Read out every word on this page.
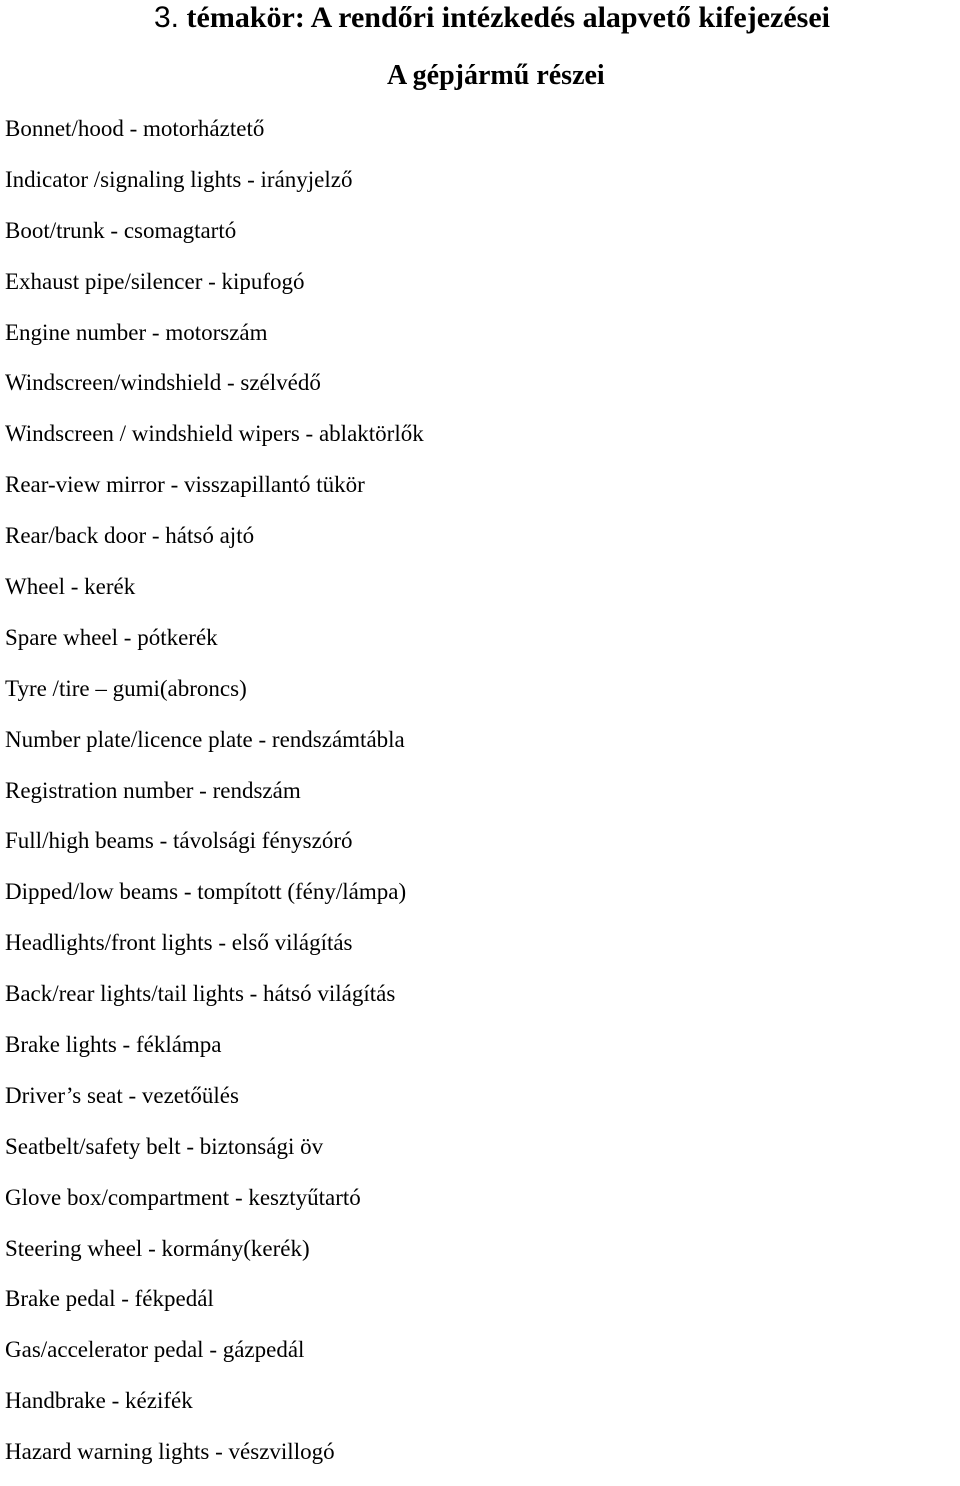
3. témakör: A rendőri intézkedés alapvető kifejezései
A gépjármű részei
Bonnet/hood - motorháztető
Indicator /signaling lights - irányjelző
Boot/trunk - csomagtartó
Exhaust pipe/silencer - kipufogó
Engine number - motorszám
Windscreen/windshield - szélvédő
Windscreen / windshield wipers - ablaktörlők
Rear-view mirror - visszapillantó tükör
Rear/back door - hátsó ajtó
Wheel - kerék
Spare wheel - pótkerék
Tyre /tire – gumi(abroncs)
Number plate/licence plate - rendszámtábla
Registration number - rendszám
Full/high beams - távolsági fényszóró
Dipped/low beams - tompított (fény/lámpa)
Headlights/front lights - első világítás
Back/rear lights/tail lights - hátsó világítás
Brake lights - féklámpa
Driver’s seat - vezetőülés
Seatbelt/safety belt - biztonsági öv
Glove box/compartment - kesztyűtartó
Steering wheel - kormány(kerék)
Brake pedal - fékpedál
Gas/accelerator pedal - gázpedál
Handbrake - kézifék
Hazard warning lights - vészvillogó
